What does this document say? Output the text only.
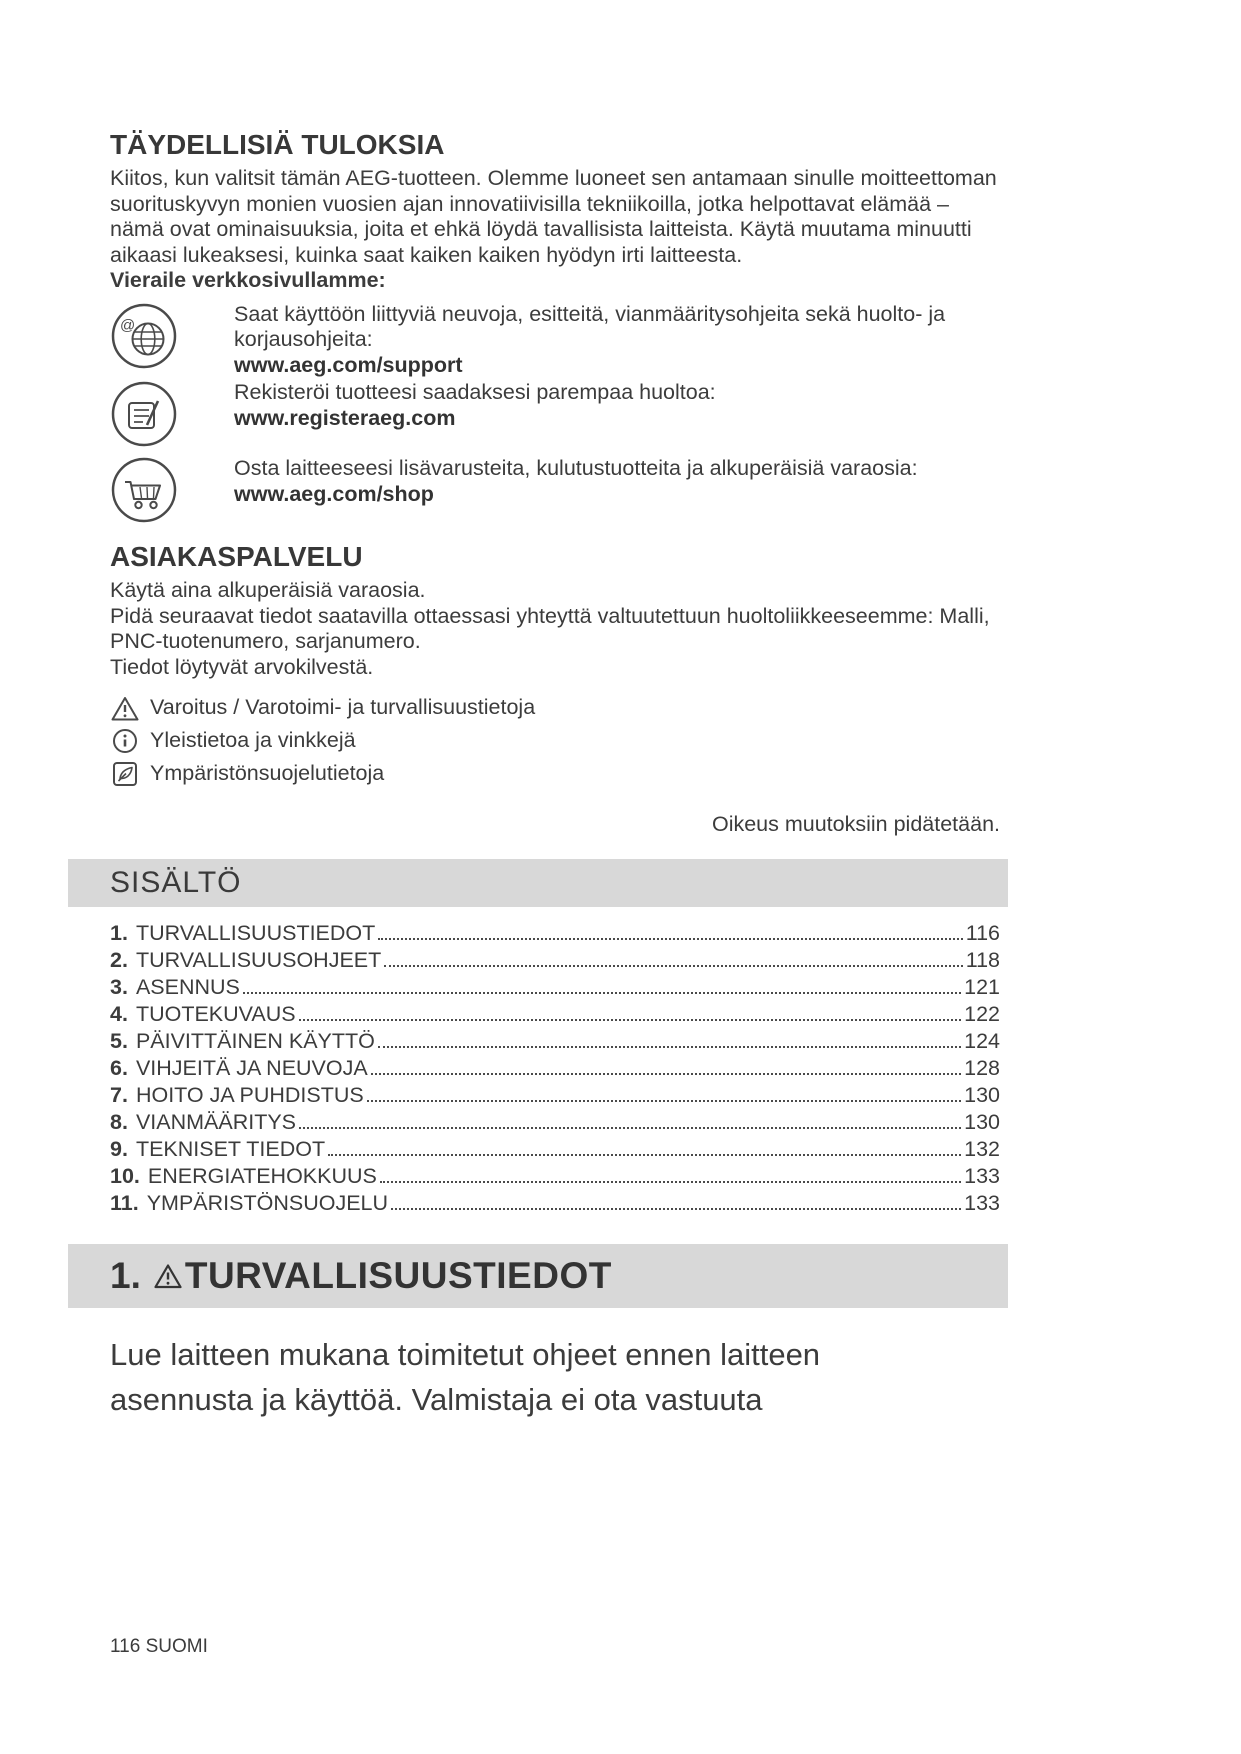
TÄYDELLISIÄ TULOKSIA

Kiitos, kun valitsit tämän AEG-tuotteen. Olemme luoneet sen antamaan sinulle moitteettoman suorituskyvyn monien vuosien ajan innovatiivisilla tekniikoilla, jotka helpottavat elämää – nämä ovat ominaisuuksia, joita et ehkä löydä tavallisista laitteista. Käytä muutama minuutti aikaasi lukeaksesi, kuinka saat kaiken kaiken hyödyn irti laitteesta.

Vieraile verkkosivullamme:

@	Saat käyttöön liittyviä neuvoja, esitteitä, vianmääritysohjeita sekä huolto- ja korjausohjeita:

www.aeg.com/support

Rekisteröi tuotteesi saadaksesi parempaa huoltoa:

www.registeraeg.com

Osta laitteeseesi lisävarusteita, kulutustuotteita ja alkuperäisiä varaosia:

www.aeg.com/shop

ASIAKASPALVELU

Käytä aina alkuperäisiä varaosia.

Pidä seuraavat tiedot saatavilla ottaessasi yhteyttä valtuutettuun huoltoliikkeeseemme: Malli, PNC-tuotenumero, sarjanumero.

Tiedot löytyvät arvokilvestä.

Varoitus / Varotoimi- ja turvallisuustietoja
Yleistietoa ja vinkkejä
Ympäristönsuojelutietoja

Oikeus muutoksiin pidätetään.

SISÄLTÖ
1. TURVALLISUUSTIEDOT	116
2. TURVALLISUUSOHJEET	118
3. ASENNUS	121
4. TUOTEKUVAUS	122
5. PÄIVITTÄINEN KÄYTTÖ	124
6. VIHJEITÄ JA NEUVOJA	128
7. HOITO JA PUHDISTUS	130
8. VIANMÄÄRITYS	130
9. TEKNISET TIEDOT	132
10. ENERGIATEHOKKUUS	133
11. YMPÄRISTÖNSUOJELU	133
1. TURVALLISUUSTIEDOT

Lue laitteen mukana toimitetut ohjeet ennen laitteen asennusta ja käyttöä. Valmistaja ei ota vastuuta

116 SUOMI
